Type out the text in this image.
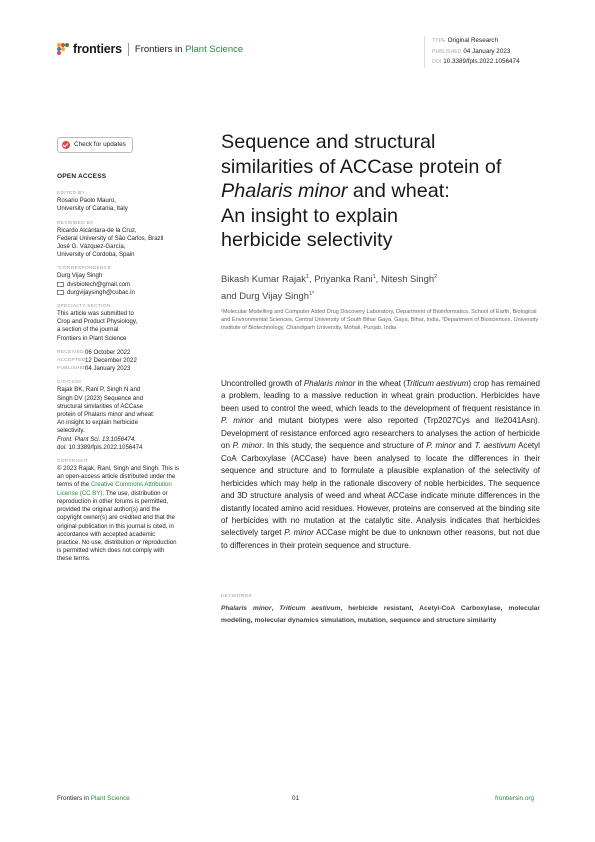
frontiers Frontiers in Plant Science
TYPE Original Research
PUBLISHED 04 January 2023
DOI 10.3389/fpls.2022.1056474
Check for updates
OPEN ACCESS
EDITED BY
Rosario Paolo Mauro,
University of Catania, Italy
REVIEWED BY
Ricardo Alcántara-de la Cruz,
Federal University of São Carlos, Brazil
José G. Vázquez-García,
University of Cordoba, Spain
*CORRESPONDENCE
Durg Vijay Singh
dvsbiotech@gmail.com
durgvijaysingh@cubac.in
SPECIALTY SECTION
This article was submitted to
Crop and Product Physiology,
a section of the journal
Frontiers in Plant Science
RECEIVED 06 October 2022
ACCEPTED 12 December 2022
PUBLISHED
04 January 2023
CITATION
Rajak BK, Rani P, Singh N and
Singh DV (2023) Sequence and
structural similarities of ACCase
protein of Phalaris minor and wheat:
An insight to explain herbicide
selectivity.
Front. Plant Sci. 13:1056474.
doi: 10.3389/fpls.2022.1056474
COPYRIGHT
© 2023 Rajak, Rani, Singh and Singh. This is an open-access article distributed under the terms of the Creative Commons Attribution License (CC BY). The use, distribution or reproduction in other forums is permitted, provided the original author(s) and the copyright owner(s) are credited and that the original publication in this journal is cited, in accordance with accepted academic practice. No use, distribution or reproduction is permitted which does not comply with these terms.
Sequence and structural
similarities of ACCase protein of
Phalaris minor and wheat:
An insight to explain
herbicide selectivity
Bikash Kumar Rajak$^1$, Priyanka Rani$^1$, Nitesh Singh$^2$
and Durg Vijay Singh$^{1*}$
¹Molecular Modelling and Computer Aided Drug Discovery Laboratory, Department of Bioinformatics, School of Earth, Biological and Environmental Sciences, Central University of South Bihar Gaya, Gaya, Bihar, India, ²Department of Biosciences, University Institute of Biotechnology, Chandigarh University, Mohali, Punjab, India
Uncontrolled growth of Phalaris minor in the wheat (Triticum aestivum) crop has remained a problem, leading to a massive reduction in wheat grain production. Herbicides have been used to control the weed, which leads to the development of frequent resistance in P. minor and mutant biotypes were also reported (Trp2027Cys and Ile2041Asn). Development of resistance enforced agro researchers to analyses the action of herbicide on P. minor. In this study, the sequence and structure of P. minor and T. aestivum Acetyl CoA Carboxylase (ACCase) have been analysed to locate the differences in their sequence and structure and to formulate a plausible explanation of the selectivity of herbicides which may help in the rationale discovery of noble herbicides. The sequence and 3D structure analysis of weed and wheat ACCase indicate minute differences in the distantly located amino acid residues. However, proteins are conserved at the binding site of herbicides with no mutation at the catalytic site. Analysis indicates that herbicides selectively target P. minor ACCase might be due to unknown other reasons, but not due to differences in their protein sequence and structure.
KEYWORDS
Phalaris minor, Triticum aestivum, herbicide resistant, Acetyl-CoA Carboxylase, molecular modeling, molecular dynamics simulation, mutation, sequence and structure similarity
Frontiers in Plant Science	01	frontiersin.org
